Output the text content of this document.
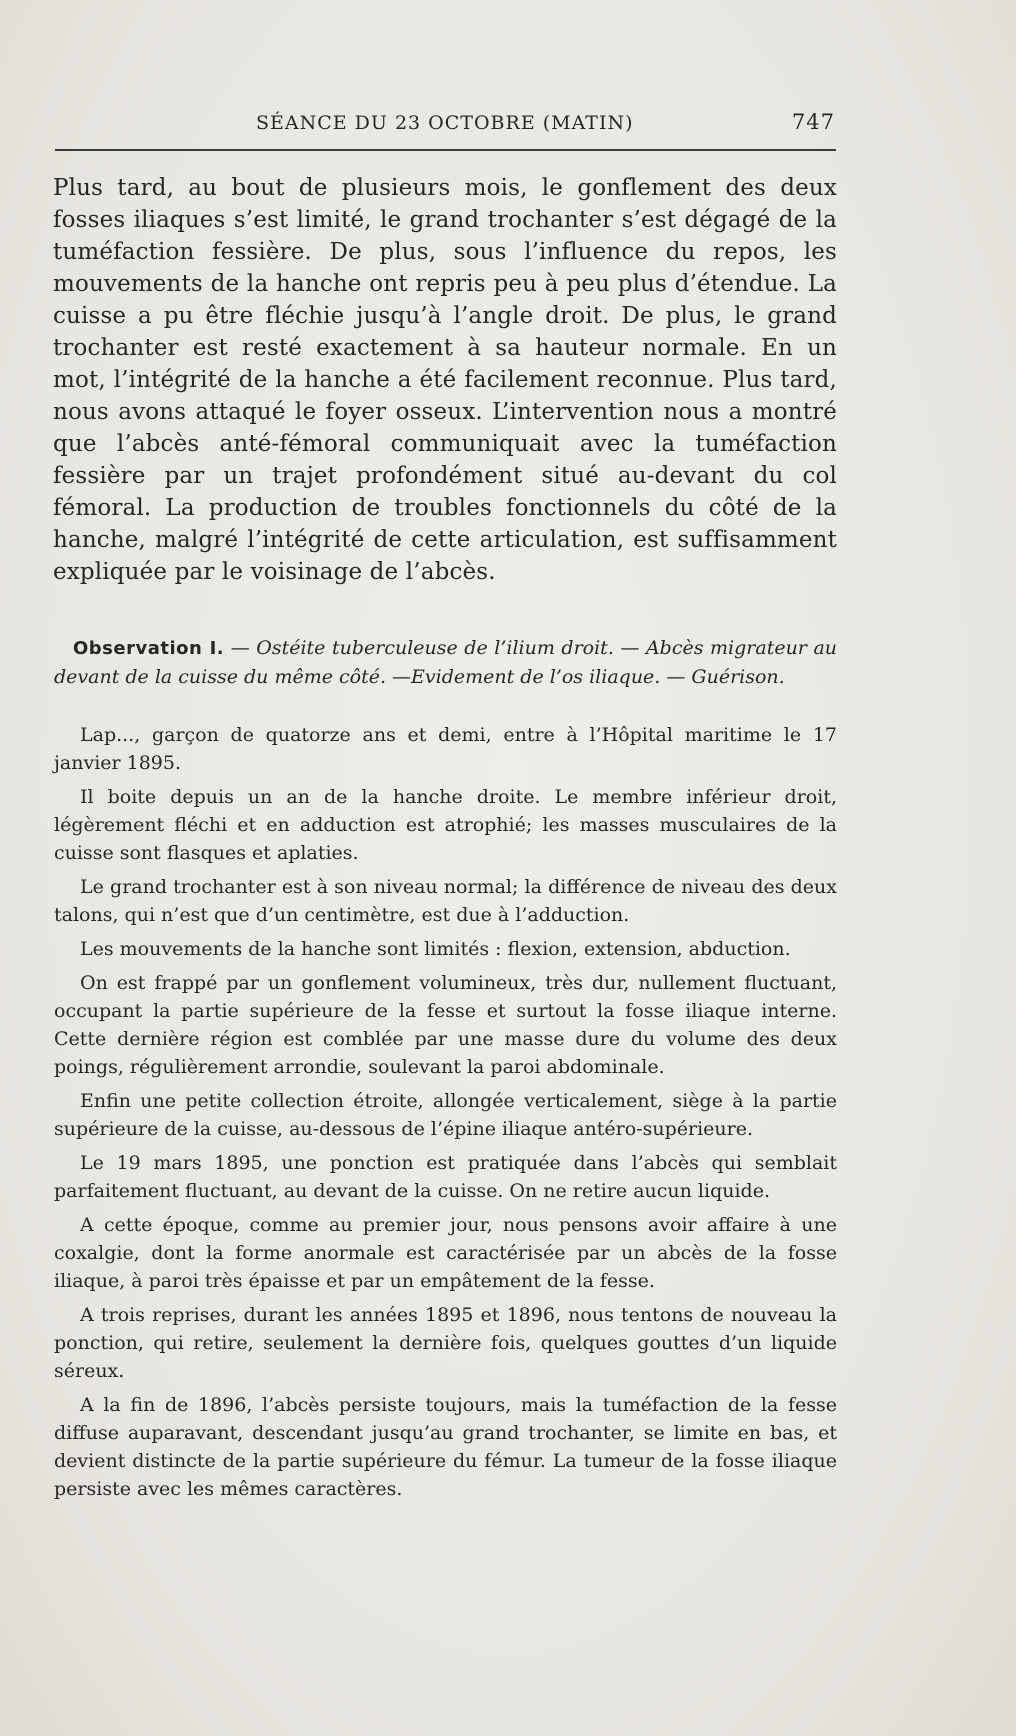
SÉANCE DU 23 OCTOBRE (MATIN)	747

Plus tard, au bout de plusieurs mois, le gonflement des deux fosses iliaques s’est limité, le grand trochanter s’est dégagé de la tuméfaction fessière. De plus, sous l’influence du repos, les mouvements de la hanche ont repris peu à peu plus d’étendue. La cuisse a pu être fléchie jusqu’à l’angle droit. De plus, le grand trochanter est resté exactement à sa hauteur normale. En un mot, l’intégrité de la hanche a été facilement reconnue. Plus tard, nous avons attaqué le foyer osseux. L’intervention nous a montré que l’abcès anté-fémoral communiquait avec la tuméfaction fessière par un trajet profondément situé au-devant du col fémoral. La production de troubles fonctionnels du côté de la hanche, malgré l’intégrité de cette articulation, est suffisamment expliquée par le voisinage de l’abcès.

Observation I. — Ostéite tuberculeuse de l’ilium droit. — Abcès migrateur au devant de la cuisse du même côté. —Evidement de l’os iliaque. — Guérison.

Lap..., garçon de quatorze ans et demi, entre à l’Hôpital maritime le 17 janvier 1895.

Il boite depuis un an de la hanche droite. Le membre inférieur droit, légèrement fléchi et en adduction est atrophié; les masses musculaires de la cuisse sont flasques et aplaties.

Le grand trochanter est à son niveau normal; la différence de niveau des deux talons, qui n’est que d’un centimètre, est due à l’adduction.

Les mouvements de la hanche sont limités : flexion, extension, abduction.

On est frappé par un gonflement volumineux, très dur, nullement fluctuant, occupant la partie supérieure de la fesse et surtout la fosse iliaque interne. Cette dernière région est comblée par une masse dure du volume des deux poings, régulièrement arrondie, soulevant la paroi abdominale.

Enfin une petite collection étroite, allongée verticalement, siège à la partie supérieure de la cuisse, au-dessous de l’épine iliaque antéro-supérieure.

Le 19 mars 1895, une ponction est pratiquée dans l’abcès qui semblait parfaitement fluctuant, au devant de la cuisse. On ne retire aucun liquide.

A cette époque, comme au premier jour, nous pensons avoir affaire à une coxalgie, dont la forme anormale est caractérisée par un abcès de la fosse iliaque, à paroi très épaisse et par un empâtement de la fesse.

A trois reprises, durant les années 1895 et 1896, nous tentons de nouveau la ponction, qui retire, seulement la dernière fois, quelques gouttes d’un liquide séreux.

A la fin de 1896, l’abcès persiste toujours, mais la tuméfaction de la fesse diffuse auparavant, descendant jusqu’au grand trochanter, se limite en bas, et devient distincte de la partie supérieure du fémur. La tumeur de la fosse iliaque persiste avec les mêmes caractères.
